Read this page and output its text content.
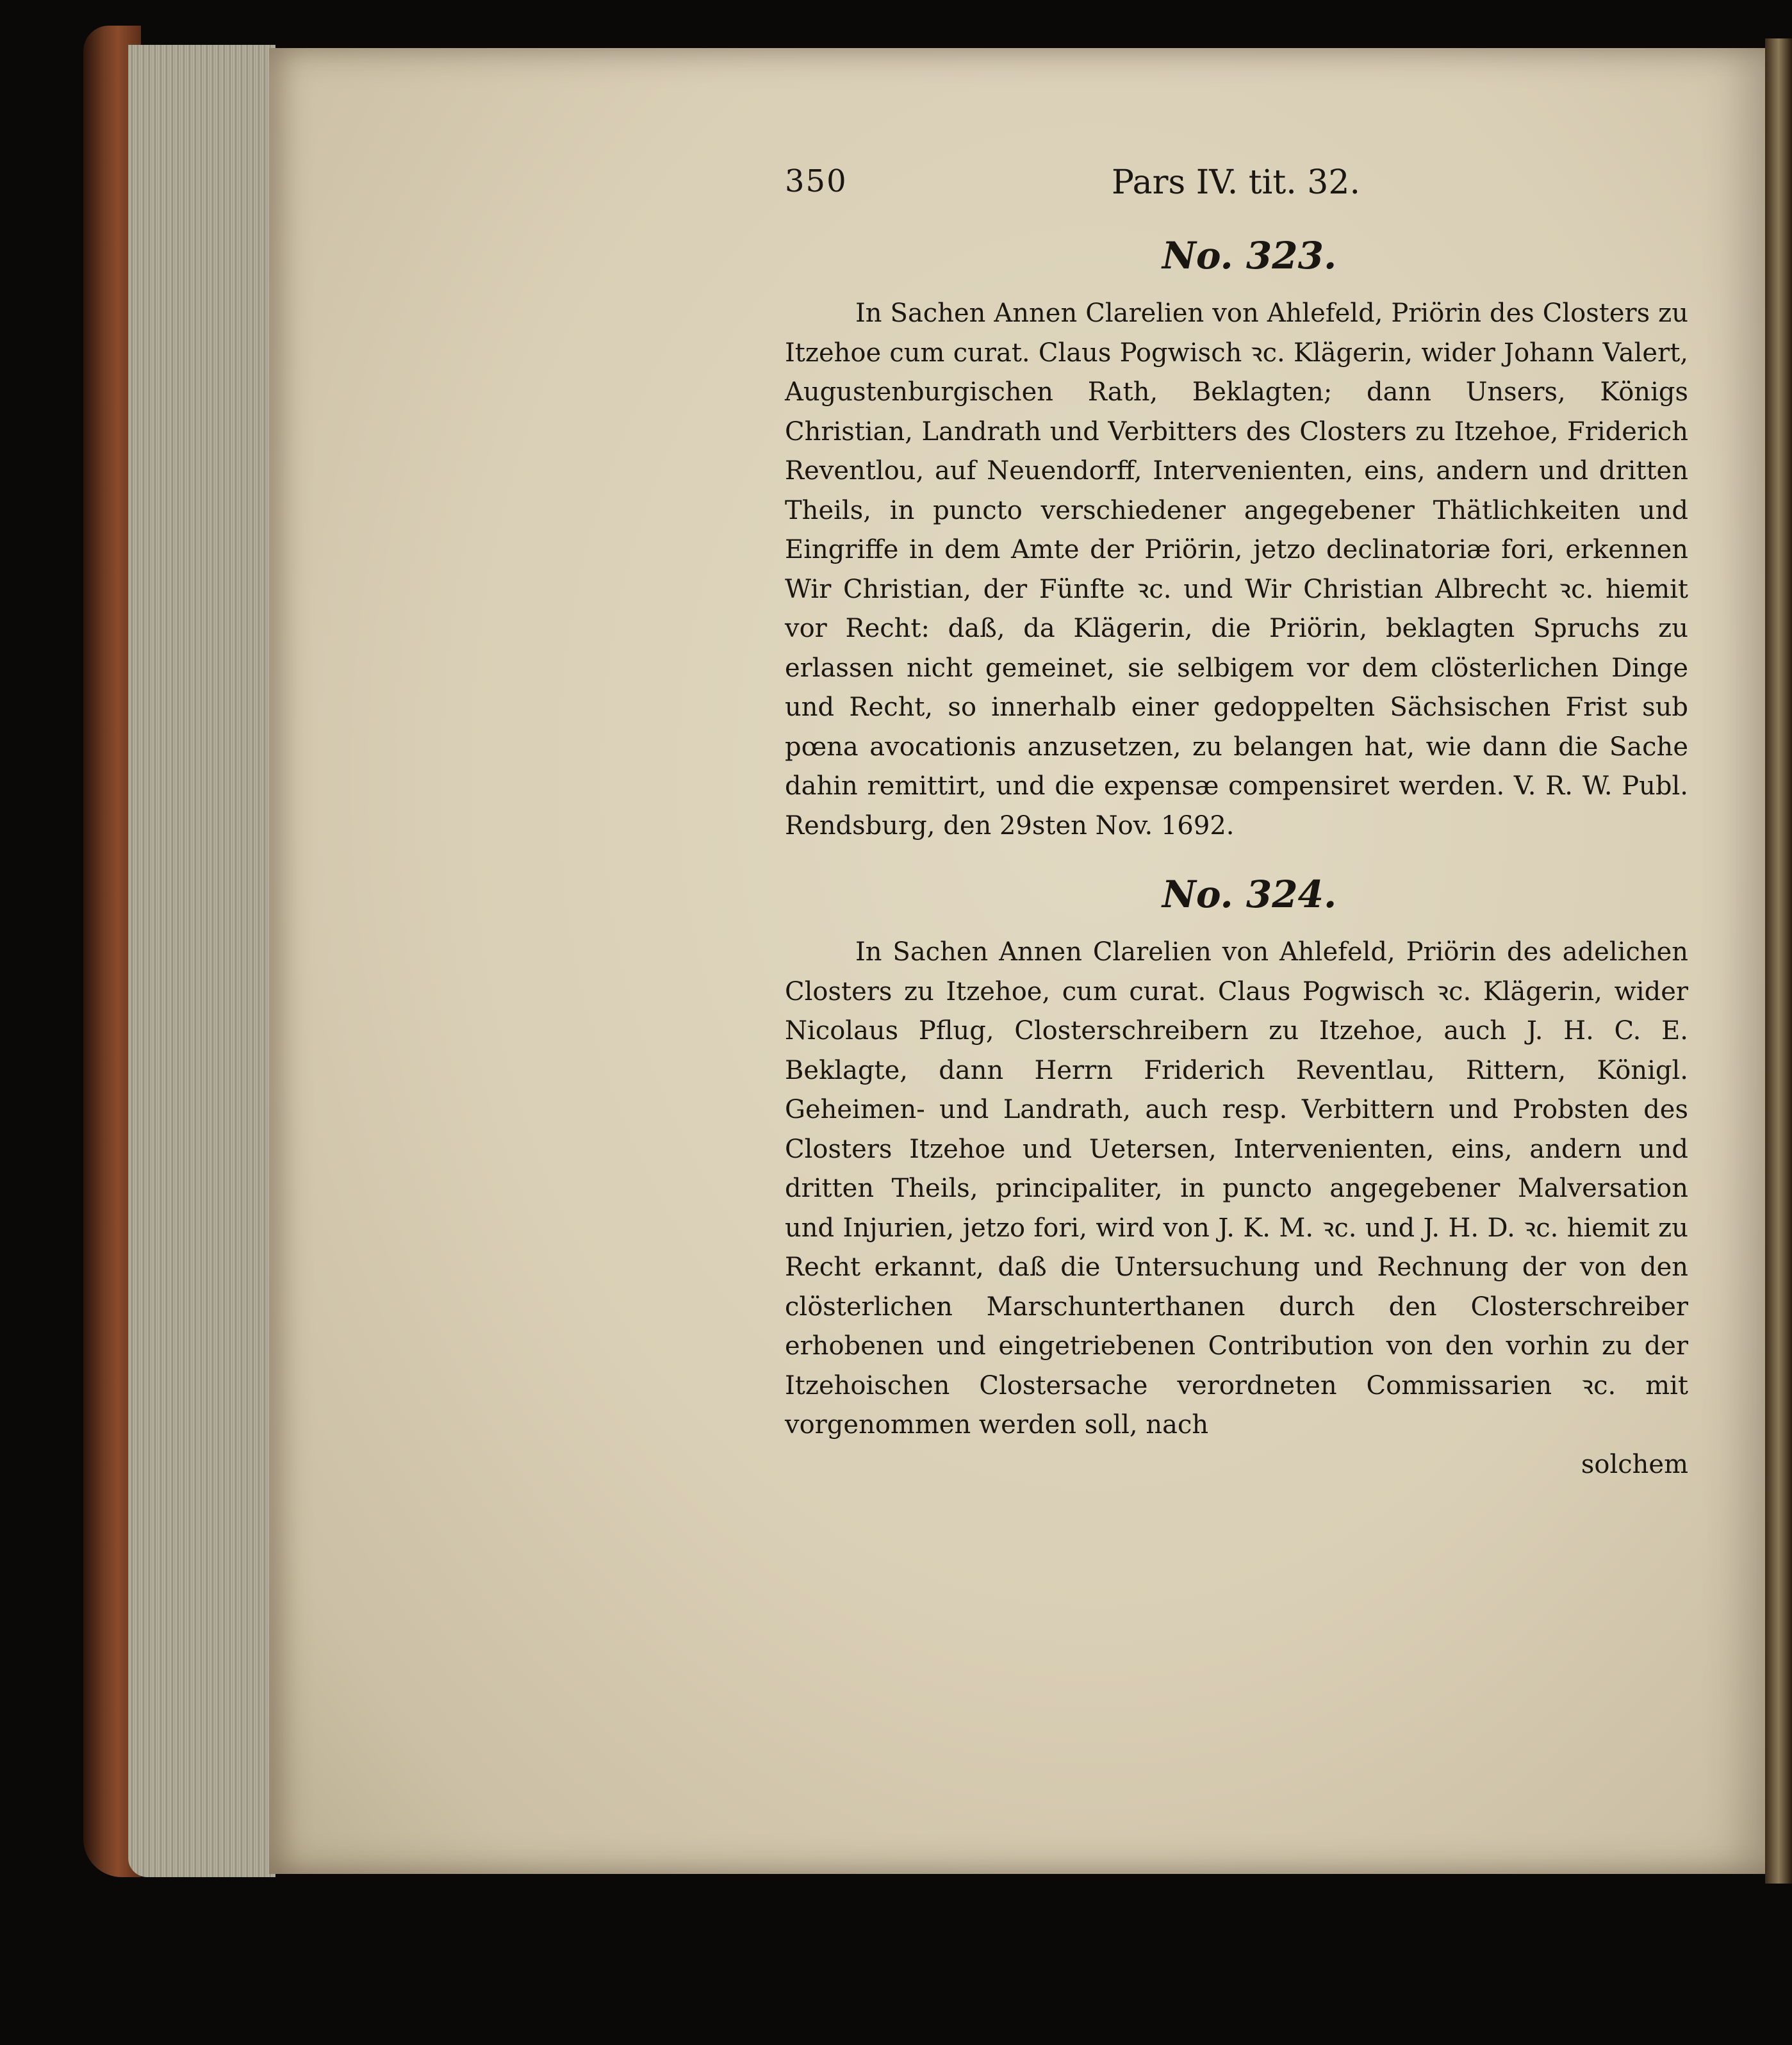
350	Pars IV. tit. 32.
No. 323.

In Sachen Annen Clarelien von Ahlefeld, Priörin des Closters zu Itzehoe cum curat. Claus Pogwisch ꝛc. Klägerin, wider Johann Valert, Augustenburgischen Rath, Beklagten; dann Unsers, Königs Christian, Landrath und Verbitters des Closters zu Itzehoe, Friderich Reventlou, auf Neuendorff, Intervenienten, eins, andern und dritten Theils, in puncto verschiedener angegebener Thätlichkeiten und Eingriffe in dem Amte der Priörin, jetzo declinatoriæ fori, erkennen Wir Christian, der Fünfte ꝛc. und Wir Christian Albrecht ꝛc. hiemit vor Recht: daß, da Klägerin, die Priörin, beklagten Spruchs zu erlassen nicht gemeinet, sie selbigem vor dem clösterlichen Dinge und Recht, so innerhalb einer gedoppelten Sächsischen Frist sub pœna avocationis anzusetzen, zu belangen hat, wie dann die Sache dahin remittirt, und die expensæ compensiret werden. V. R. W. Publ. Rendsburg, den 29sten Nov. 1692.

No. 324.

In Sachen Annen Clarelien von Ahlefeld, Priörin des adelichen Closters zu Itzehoe, cum curat. Claus Pogwisch ꝛc. Klägerin, wider Nicolaus Pflug, Closterschreibern zu Itzehoe, auch J. H. C. E. Beklagte, dann Herrn Friderich Reventlau, Rittern, Königl. Geheimen- und Landrath, auch resp. Verbittern und Probsten des Closters Itzehoe und Uetersen, Intervenienten, eins, andern und dritten Theils, principaliter, in puncto angegebener Malversation und Injurien, jetzo fori, wird von J. K. M. ꝛc. und J. H. D. ꝛc. hiemit zu Recht erkannt, daß die Untersuchung und Rechnung der von den clösterlichen Marschunterthanen durch den Closterschreiber erhobenen und eingetriebenen Contribution von den vorhin zu der Itzehoischen Clostersache verordneten Commissarien ꝛc. mit vorgenommen werden soll, nach

solchem
